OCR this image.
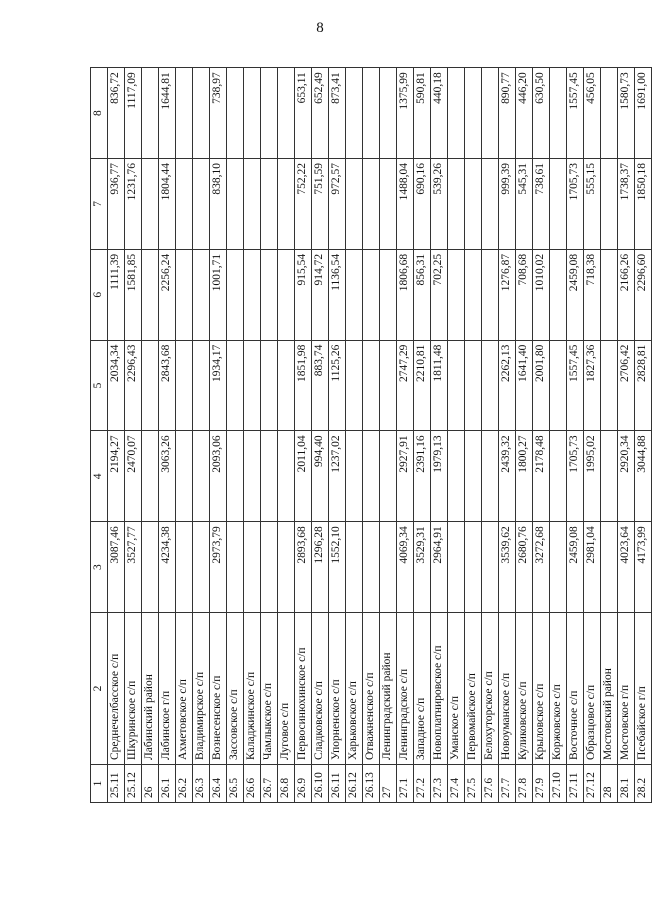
8
1	2	3	4	5	6	7	8
25.11	Среднечелбасское с/п	3087,46	2194,27	2034,34	1111,39	936,77	836,72
25.12	Шкуринское с/п	3527,77	2470,07	2296,43	1581,85	1231,76	1117,09
26	Лабинский район						
26.1	Лабинское г/п	4234,38	3063,26	2843,68	2256,24	1804,44	1644,81
26.2	Ахметовское с/п						
26.3	Владимирское с/п						
26.4	Вознесенское с/п	2973,79	2093,06	1934,17	1001,71	838,10	738,97
26.5	Зассовское с/п						
26.6	Каладжинское с/п						
26.7	Чамлыкское с/п						
26.8	Луговое с/п						
26.9	Первосинюхинское с/п	2893,68	2011,04	1851,98	915,54	752,22	653,11
26.10	Сладковское с/п	1296,28	994,40	883,74	914,72	751,59	652,49
26.11	Упорненское с/п	1552,10	1237,02	1125,26	1136,54	972,57	873,41
26.12	Харьковское с/п						
26.13	Отважненское с/п						
27	Ленинградский район						
27.1	Ленинградское с/п	4069,34	2927,91	2747,29	1806,68	1488,04	1375,99
27.2	Западное с/п	3529,31	2391,16	2210,81	856,31	690,16	590,81
27.3	Новоплатнировское с/п	2964,91	1979,13	1811,48	702,25	539,26	440,18
27.4	Уманское с/п						
27.5	Первомайское с/п						
27.6	Белохуторское с/п						
27.7	Новоуманское с/п	3539,62	2439,32	2262,13	1276,87	999,39	890,77
27.8	Куликовское с/п	2680,76	1800,27	1641,40	708,68	545,31	446,20
27.9	Крыловское с/п	3272,68	2178,48	2001,80	1010,02	738,61	630,50
27.10	Коржовское с/п						
27.11	Восточное с/п	2459,08	1705,73	1557,45	2459,08	1705,73	1557,45
27.12	Образцовое с/п	2981,04	1995,02	1827,36	718,38	555,15	456,05
28	Мостовский район						
28.1	Мостовское г/п	4023,64	2920,34	2706,42	2166,26	1738,37	1580,73
28.2	Псебайское г/п	4173,99	3044,88	2828,81	2296,60	1850,18	1691,00
